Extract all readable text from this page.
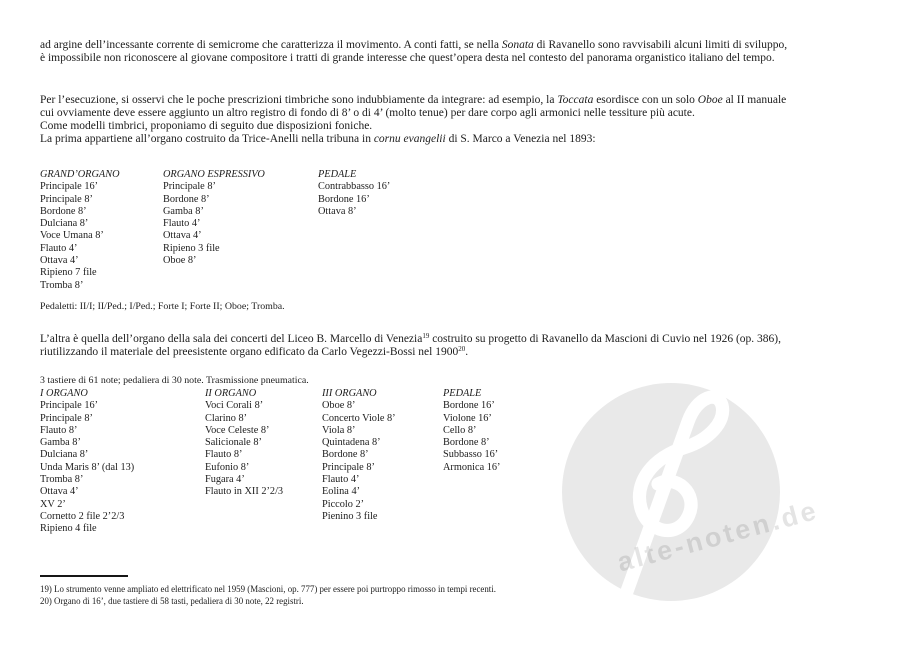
alte-noten.de
ad argine dell’incessante corrente di semicrome che caratterizza il movimento. A conti fatti, se nella Sonata di Ravanello sono ravvisabili alcuni limiti di sviluppo,
è impossibile non riconoscere al giovane compositore i tratti di grande interesse che quest’opera desta nel contesto del panorama organistico italiano del tempo.
Per l’esecuzione, si osservi che le poche prescrizioni timbriche sono indubbiamente da integrare: ad esempio, la Toccata esordisce con un solo Oboe al II manuale
cui ovviamente deve essere aggiunto un altro registro di fondo di 8’ o di 4’ (molto tenue) per dare corpo agli armonici nelle tessiture più acute.
Come modelli timbrici, proponiamo di seguito due disposizioni foniche.
La prima appartiene all’organo costruito da Trice-Anelli nella tribuna in cornu evangelii di S. Marco a Venezia nel 1893:
GRAND’ORGANO
Principale 16’
Principale 8’
Bordone 8’
Dulciana 8’
Voce Umana 8’
Flauto 4’
Ottava 4’
Ripieno 7 file
Tromba 8’
ORGANO ESPRESSIVO
Principale 8’
Bordone 8’
Gamba 8’
Flauto 4’
Ottava 4’
Ripieno 3 file
Oboe 8’
PEDALE
Contrabbasso 16’
Bordone 16’
Ottava 8’
Pedaletti: II/I; II/Ped.; I/Ped.; Forte I; Forte II; Oboe; Tromba.
L’altra è quella dell’organo della sala dei concerti del Liceo B. Marcello di Venezia$^{19}$ costruito su progetto di Ravanello da Mascioni di Cuvio nel 1926 (op. 386),
riutilizzando il materiale del preesistente organo edificato da Carlo Vegezzi-Bossi nel 1900$^{20}$.
3 tastiere di 61 note; pedaliera di 30 note. Trasmissione pneumatica.
I ORGANO
Principale 16’
Principale 8’
Flauto 8’
Gamba 8’
Dulciana 8’
Unda Maris 8’ (dal 13)
Tromba 8’
Ottava 4’
XV 2’
Cornetto 2 file 2’2/3
Ripieno 4 file
II ORGANO
Voci Corali 8’
Clarino 8’
Voce Celeste 8’
Salicionale 8’
Flauto 8’
Eufonio 8’
Fugara 4’
Flauto in XII 2’2/3
III ORGANO
Oboe 8’
Concerto Viole 8’
Viola 8’
Quintadena 8’
Bordone 8’
Principale 8’
Flauto 4’
Eolina 4’
Piccolo 2’
Pienino 3 file
PEDALE
Bordone 16’
Violone 16’
Cello 8’
Bordone 8’
Subbasso 16’
Armonica 16’
19) Lo strumento venne ampliato ed elettrificato nel 1959 (Mascioni, op. 777) per essere poi purtroppo rimosso in tempi recenti.
20) Organo di 16’, due tastiere di 58 tasti, pedaliera di 30 note, 22 registri.
